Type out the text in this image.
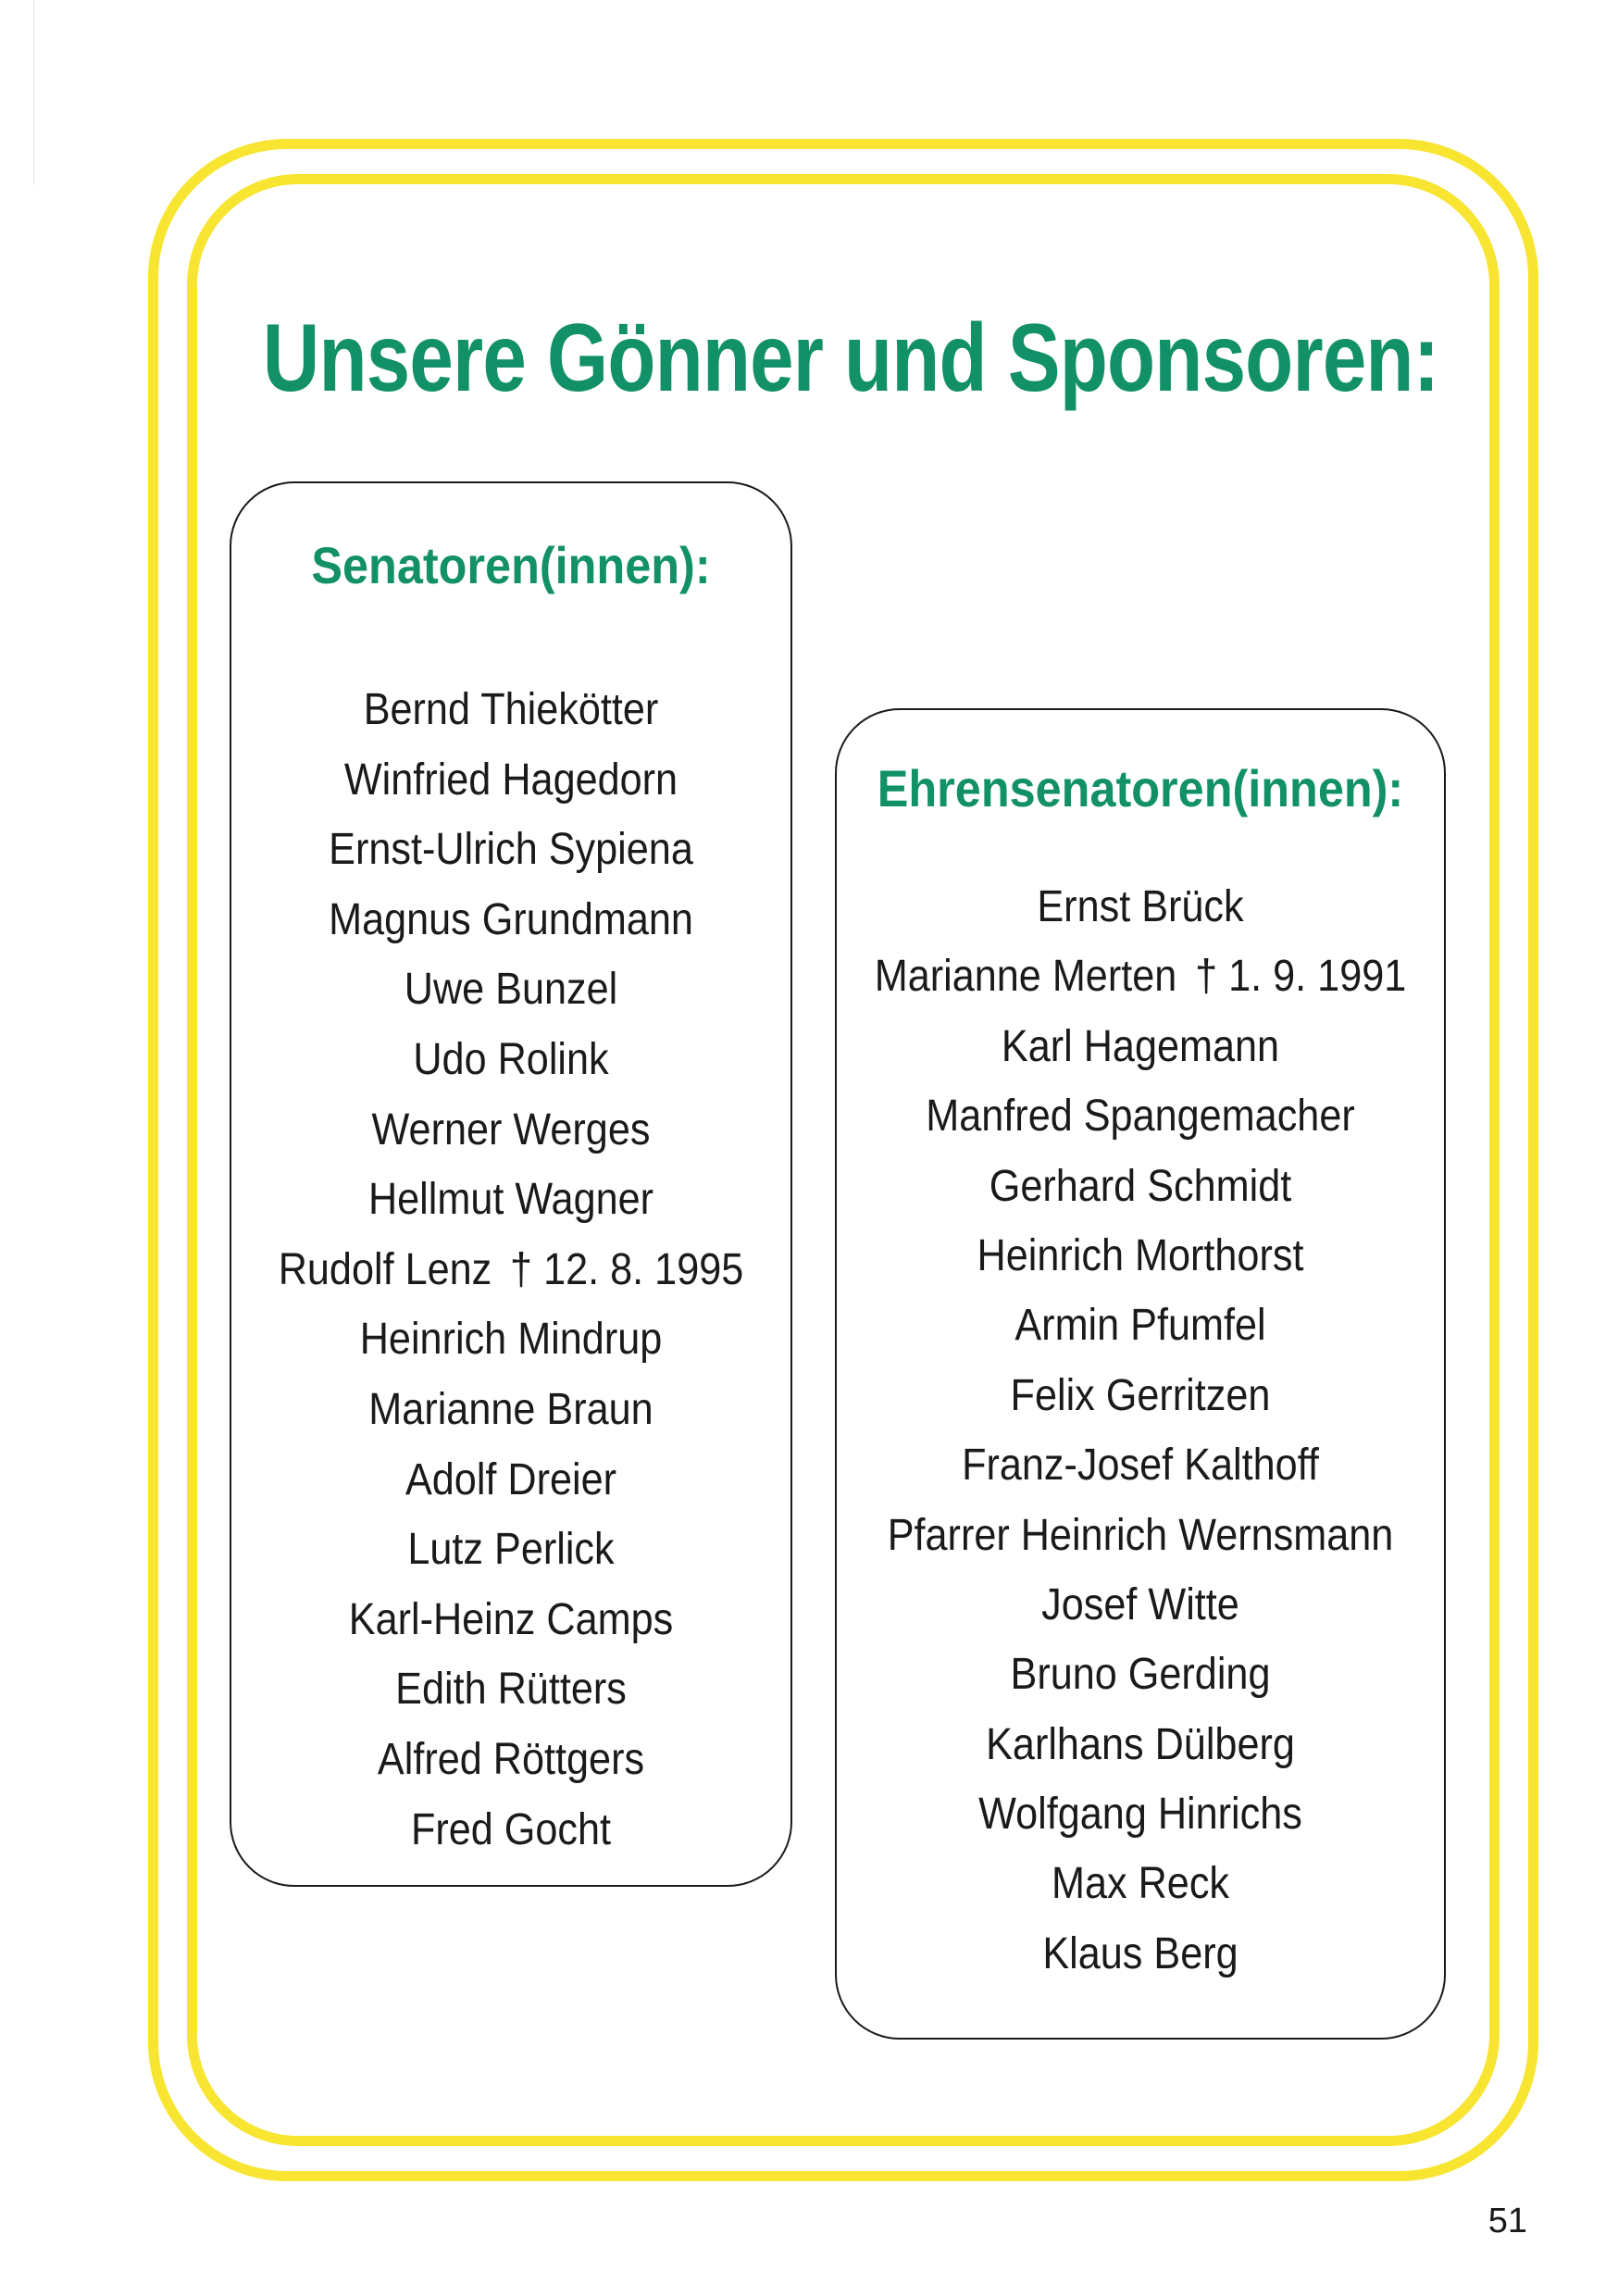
Unsere Gönner und Sponsoren:
Senatoren(innen):
Bernd Thiekötter
Winfried Hagedorn
Ernst-Ulrich Sypiena
Magnus Grundmann
Uwe Bunzel
Udo Rolink
Werner Werges
Hellmut Wagner
Rudolf Lenz † 12. 8. 1995
Heinrich Mindrup
Marianne Braun
Adolf Dreier
Lutz Perlick
Karl-Heinz Camps
Edith Rütters
Alfred Röttgers
Fred Gocht
Ehrensenatoren(innen):
Ernst Brück
Marianne Merten † 1. 9. 1991
Karl Hagemann
Manfred Spangemacher
Gerhard Schmidt
Heinrich Morthorst
Armin Pfumfel
Felix Gerritzen
Franz-Josef Kalthoff
Pfarrer Heinrich Wernsmann
Josef Witte
Bruno Gerding
Karlhans Dülberg
Wolfgang Hinrichs
Max Reck
Klaus Berg
51
